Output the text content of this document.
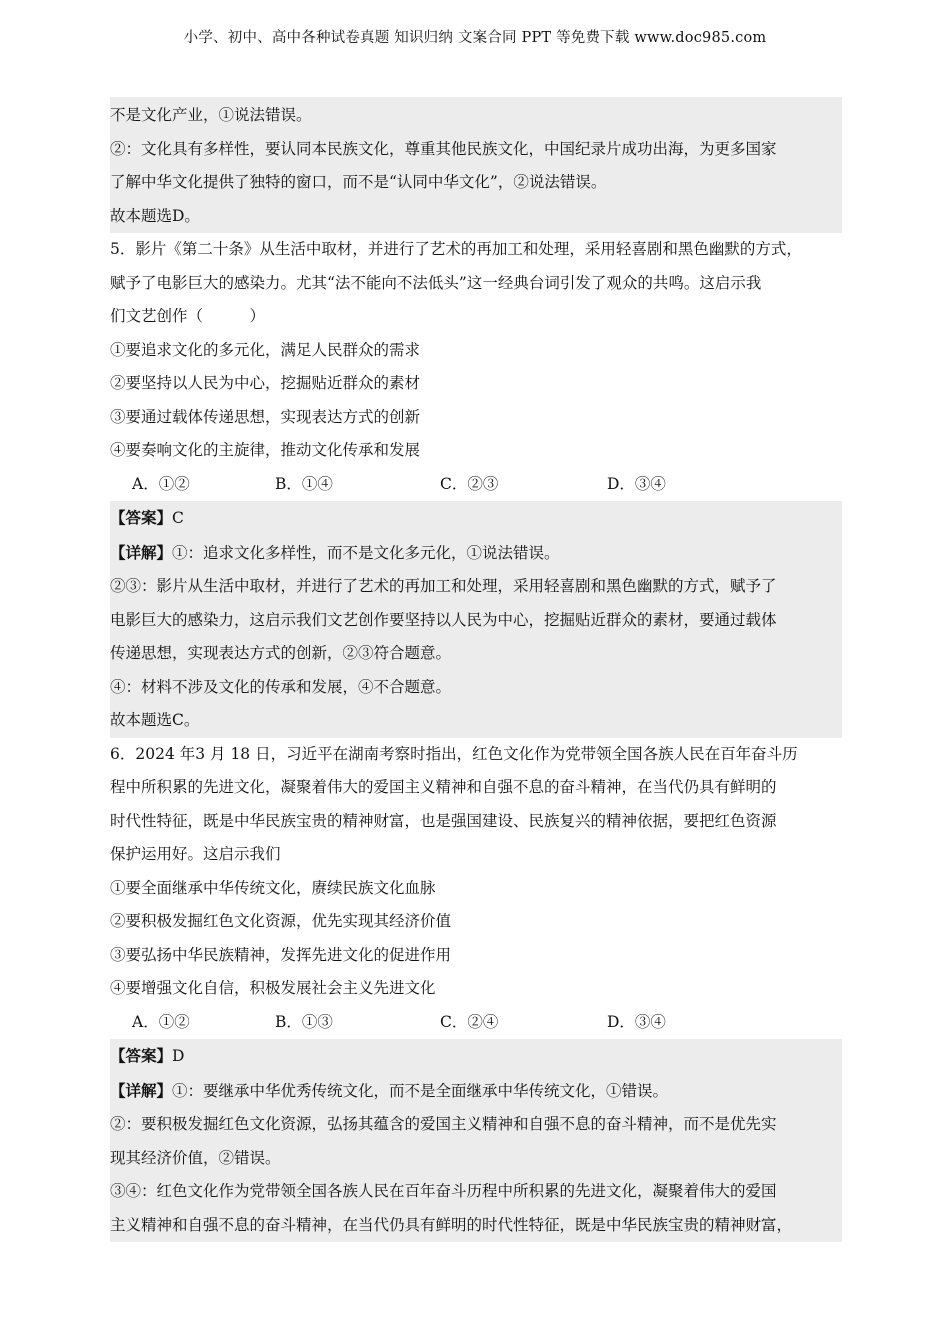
小学、初中、高中各种试卷真题 知识归纳 文案合同 PPT 等免费下载 www.doc985.com

不是文化产业，①说法错误。

②：文化具有多样性，要认同本民族文化，尊重其他民族文化，中国纪录片成功出海，为更多国家

了解中华文化提供了独特的窗口，而不是“认同中华文化”，②说法错误。

故本题选D。

5．影片《第二十条》从生活中取材，并进行了艺术的再加工和处理，采用轻喜剧和黑色幽默的方式，

赋予了电影巨大的感染力。尤其“法不能向不法低头”这一经典台词引发了观众的共鸣。这启示我

们文艺创作（　　　）

①要追求文化的多元化，满足人民群众的需求

②要坚持以人民为中心，挖掘贴近群众的素材

③要通过载体传递思想，实现表达方式的创新

④要奏响文化的主旋律，推动文化传承和发展

A．①②	B．①④	C．②③	D．③④

【答案】C

【详解】①：追求文化多样性，而不是文化多元化，①说法错误。

②③：影片从生活中取材，并进行了艺术的再加工和处理，采用轻喜剧和黑色幽默的方式，赋予了

电影巨大的感染力，这启示我们文艺创作要坚持以人民为中心，挖掘贴近群众的素材，要通过载体

传递思想，实现表达方式的创新，②③符合题意。

④：材料不涉及文化的传承和发展，④不合题意。

故本题选C。

6．2024 年3 月 18 日，习近平在湖南考察时指出，红色文化作为党带领全国各族人民在百年奋斗历

程中所积累的先进文化，凝聚着伟大的爱国主义精神和自强不息的奋斗精神，在当代仍具有鲜明的

时代性特征，既是中华民族宝贵的精神财富，也是强国建设、民族复兴的精神依据，要把红色资源

保护运用好。这启示我们

①要全面继承中华传统文化，赓续民族文化血脉

②要积极发掘红色文化资源，优先实现其经济价值

③要弘扬中华民族精神，发挥先进文化的促进作用

④要增强文化自信，积极发展社会主义先进文化

A．①②	B．①③	C．②④	D．③④

【答案】D

【详解】①：要继承中华优秀传统文化，而不是全面继承中华传统文化，①错误。

②：要积极发掘红色文化资源，弘扬其蕴含的爱国主义精神和自强不息的奋斗精神，而不是优先实

现其经济价值，②错误。

③④：红色文化作为党带领全国各族人民在百年奋斗历程中所积累的先进文化，凝聚着伟大的爱国

主义精神和自强不息的奋斗精神，在当代仍具有鲜明的时代性特征，既是中华民族宝贵的精神财富，
